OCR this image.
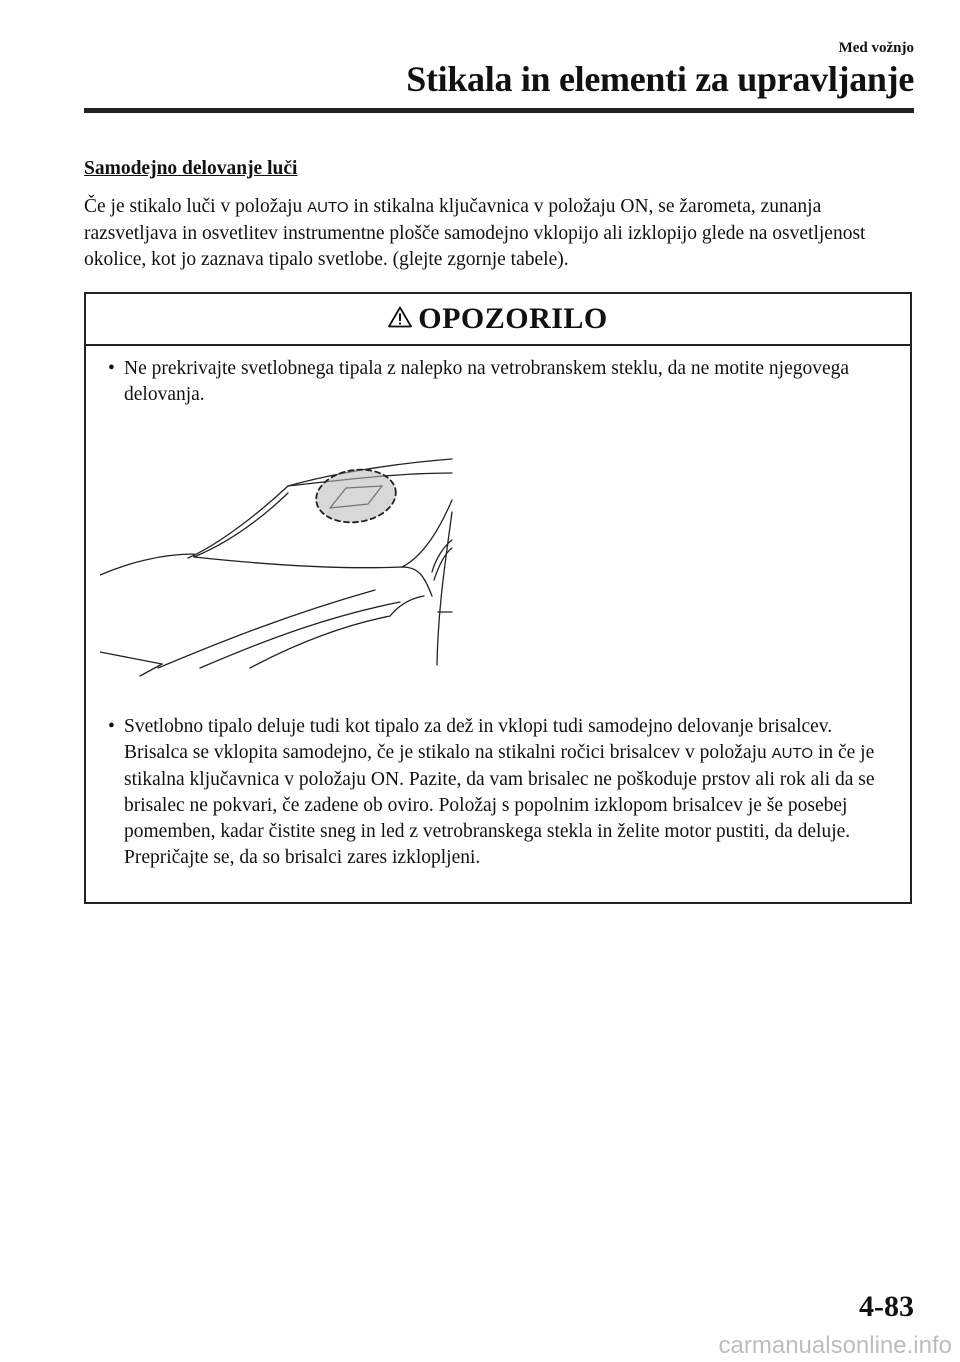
Med vožnjo
Stikala in elementi za upravljanje
Samodejno delovanje luči
Če je stikalo luči v položaju AUTO in stikalna ključavnica v položaju ON, se žarometa, zunanja razsvetljava in osvetlitev instrumentne plošče samodejno vklopijo ali izklopijo glede na osvetljenost okolice, kot jo zaznava tipalo svetlobe. (glejte zgornje tabele).
OPOZORILO
• Ne prekrivajte svetlobnega tipala z nalepko na vetrobranskem steklu, da ne motite njegovega delovanja.
• Svetlobno tipalo deluje tudi kot tipalo za dež in vklopi tudi samodejno delovanje brisalcev. Brisalca se vklopita samodejno, če je stikalo na stikalni ročici brisalcev v položaju AUTO in če je stikalna ključavnica v položaju ON. Pazite, da vam brisalec ne poškoduje prstov ali rok ali da se brisalec ne pokvari, če zadene ob oviro. Položaj s popolnim izklopom brisalcev je še posebej pomemben, kadar čistite sneg in led z vetrobranskega stekla in želite motor pustiti, da deluje. Prepričajte se, da so brisalci zares izklopljeni.
4-83
carmanualsonline.info
